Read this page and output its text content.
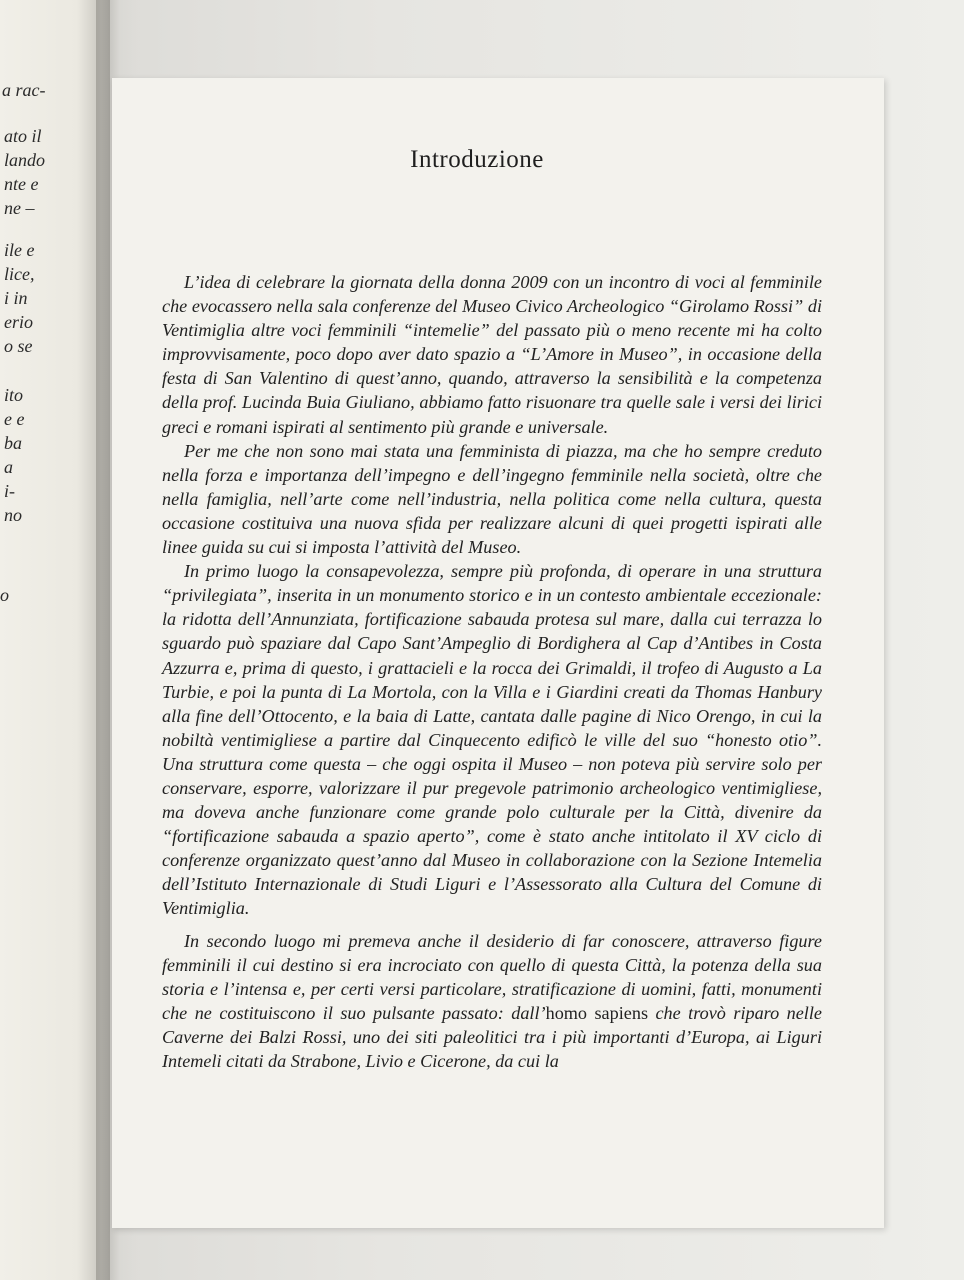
a rac-
ato il
lando
nte e
ne –
ile e
lice,
i in
erio
o se
ito
e e
ba
a
i-
no
o
Introduzione

L’idea di celebrare la giornata della donna 2009 con un incontro di voci al femminile che evocassero nella sala conferenze del Museo Civico Archeologico “Girolamo Rossi” di Ventimiglia altre voci femminili “intemelie” del passato più o meno recente mi ha colto improvvisamente, poco dopo aver dato spazio a “L’Amore in Museo”, in occasione della festa di San Valentino di quest’anno, quando, attraverso la sensibilità e la competenza della prof. Lucinda Buia Giuliano, abbiamo fatto risuonare tra quelle sale i versi dei lirici greci e romani ispirati al sentimento più grande e universale.

Per me che non sono mai stata una femminista di piazza, ma che ho sempre creduto nella forza e importanza dell’impegno e dell’ingegno femminile nella società, oltre che nella famiglia, nell’arte come nell’industria, nella politica come nella cultura, questa occasione costituiva una nuova sfida per realizzare alcuni di quei progetti ispirati alle linee guida su cui si imposta l’attività del Museo.

In primo luogo la consapevolezza, sempre più profonda, di operare in una struttura “privilegiata”, inserita in un monumento storico e in un contesto ambientale eccezionale: la ridotta dell’Annunziata, fortificazione sabauda protesa sul mare, dalla cui terrazza lo sguardo può spaziare dal Capo Sant’Ampeglio di Bordighera al Cap d’Antibes in Costa Azzurra e, prima di questo, i grattacieli e la rocca dei Grimaldi, il trofeo di Augusto a La Turbie, e poi la punta di La Mortola, con la Villa e i Giardini creati da Thomas Hanbury alla fine dell’Ottocento, e la baia di Latte, cantata dalle pagine di Nico Orengo, in cui la nobiltà ventimigliese a partire dal Cinquecento edificò le ville del suo “honesto otio”. Una struttura come questa – che oggi ospita il Museo – non poteva più servire solo per conservare, esporre, valorizzare il pur pregevole patrimonio archeologico ventimigliese, ma doveva anche funzionare come grande polo culturale per la Città, divenire da “fortificazione sabauda a spazio aperto”, come è stato anche intitolato il XV ciclo di conferenze organizzato quest’anno dal Museo in collaborazione con la Sezione Intemelia dell’Istituto Internazionale di Studi Liguri e l’Assessorato alla Cultura del Comune di Ventimiglia.

In secondo luogo mi premeva anche il desiderio di far conoscere, attraverso figure femminili il cui destino si era incrociato con quello di questa Città, la potenza della sua storia e l’intensa e, per certi versi particolare, stratificazione di uomini, fatti, monumenti che ne costituiscono il suo pulsante passato: dall’homo sapiens che trovò riparo nelle Caverne dei Balzi Rossi, uno dei siti paleolitici tra i più importanti d’Europa, ai Liguri Intemeli citati da Strabone, Livio e Cicerone, da cui la
